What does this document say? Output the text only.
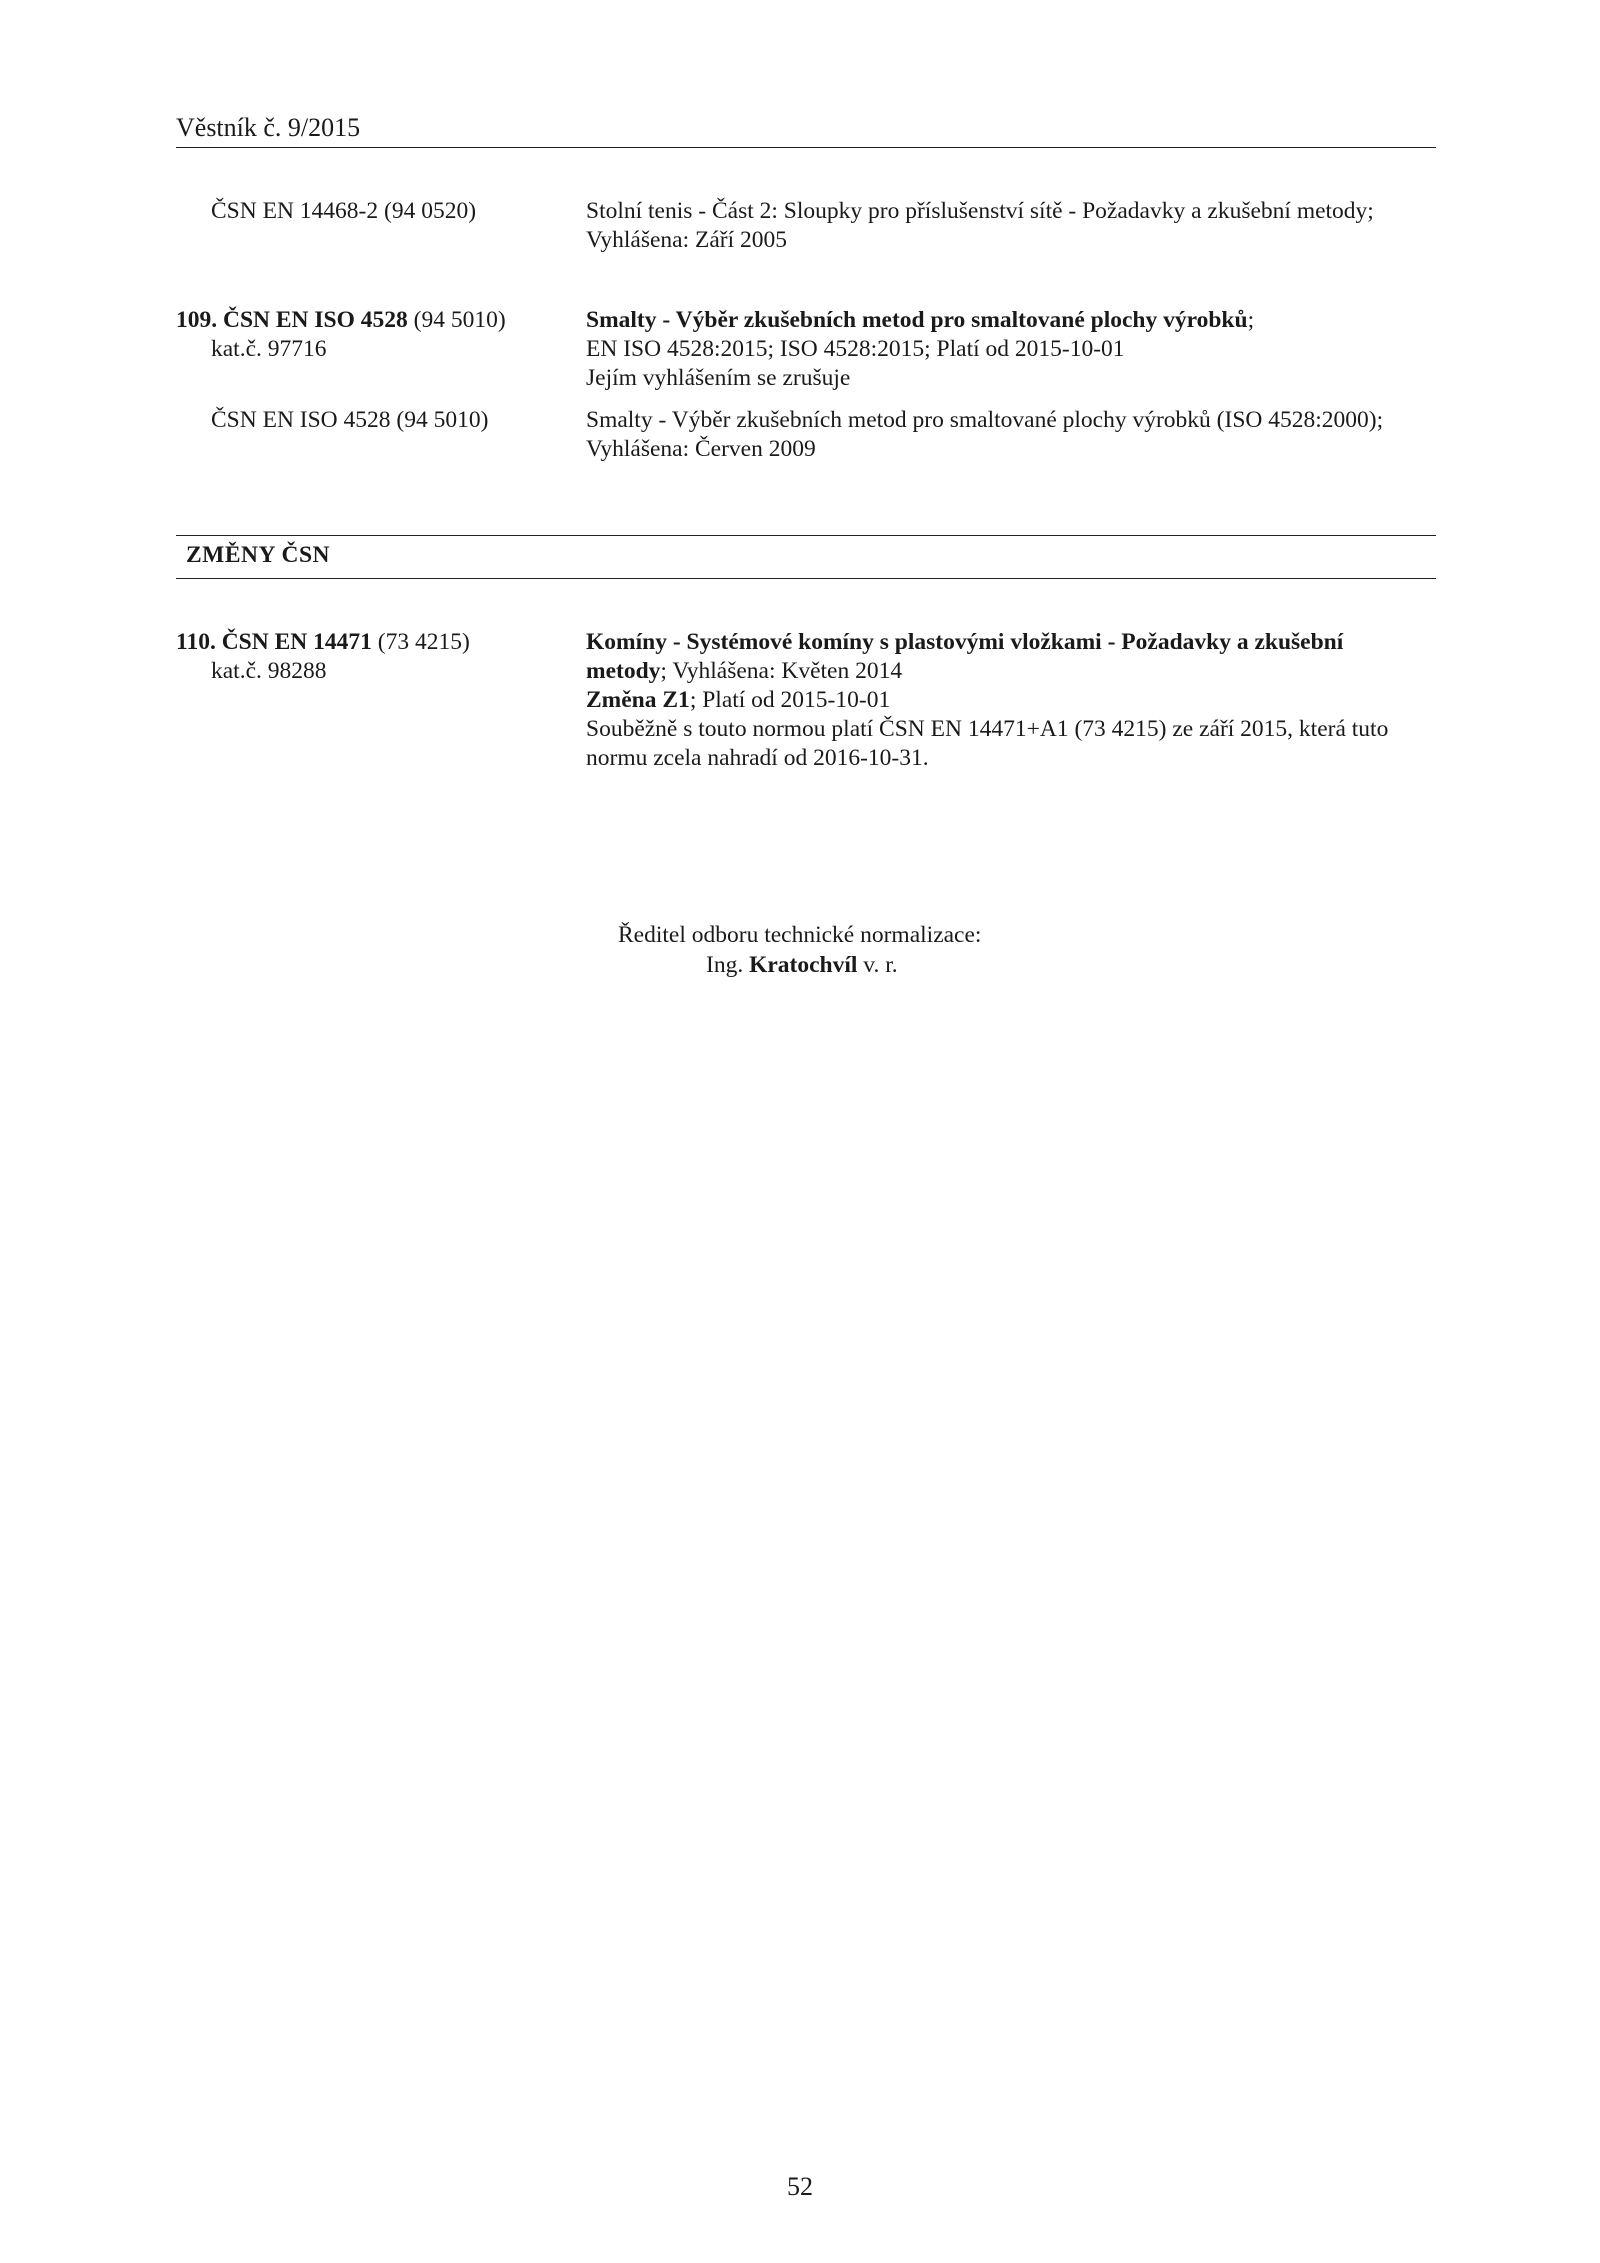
Věstník č. 9/2015
ČSN EN 14468-2 (94 0520)	Stolní tenis - Část 2: Sloupky pro příslušenství sítě - Požadavky a zkušební metody;
Vyhlášena: Září 2005
109. ČSN EN ISO 4528 (94 5010)
kat.č. 97716
Smalty - Výběr zkušebních metod pro smaltované plochy výrobků;
EN ISO 4528:2015; ISO 4528:2015; Platí od 2015-10-01
Jejím vyhlášením se zrušuje
ČSN EN ISO 4528 (94 5010)	Smalty - Výběr zkušebních metod pro smaltované plochy výrobků (ISO 4528:2000);
Vyhlášena: Červen 2009
ZMĚNY ČSN
110. ČSN EN 14471 (73 4215)
kat.č. 98288
Komíny - Systémové komíny s plastovými vložkami - Požadavky a zkušební
metody; Vyhlášena: Květen 2014
Změna Z1; Platí od 2015-10-01
Souběžně s touto normou platí ČSN EN 14471+A1 (73 4215) ze září 2015, která tuto
normu zcela nahradí od 2016-10-31.
Ředitel odboru technické normalizace:
Ing. Kratochvíl v. r.
52
